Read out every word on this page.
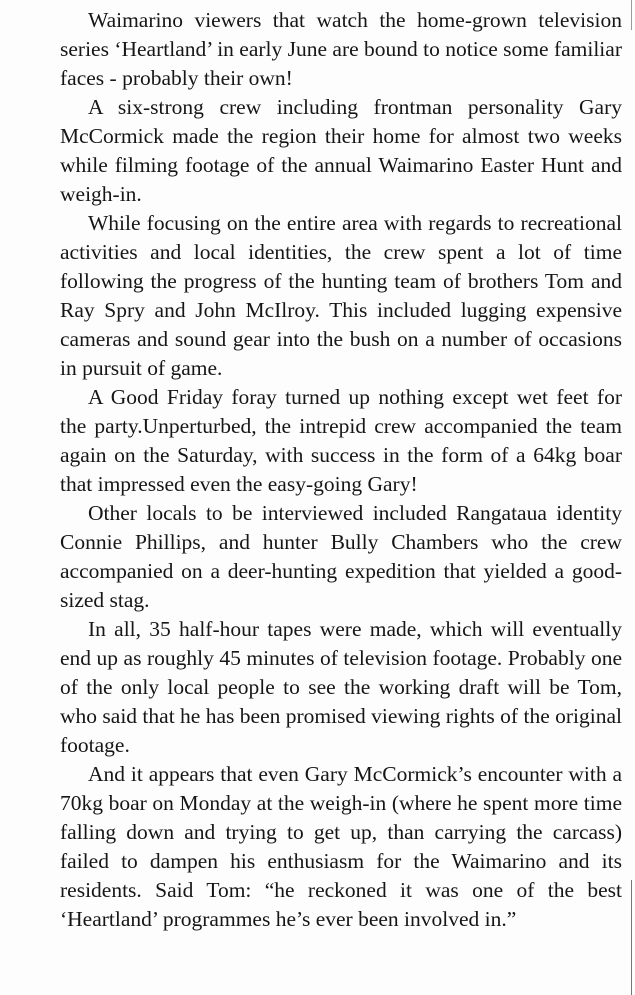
Waimarino viewers that watch the home-grown television series ‘Heartland’ in early June are bound to notice some familiar faces - probably their own!

A six-strong crew including frontman personality Gary McCormick made the region their home for almost two weeks while filming footage of the annual Waimarino Easter Hunt and weigh-in.

While focusing on the entire area with regards to recreational activities and local identities, the crew spent a lot of time following the progress of the hunting team of brothers Tom and Ray Spry and John McIlroy. This included lugging expensive cameras and sound gear into the bush on a number of occasions in pursuit of game.

A Good Friday foray turned up nothing except wet feet for the party.Unperturbed, the intrepid crew accompanied the team again on the Saturday, with success in the form of a 64kg boar that impressed even the easy-going Gary!

Other locals to be interviewed included Rangataua identity Connie Phillips, and hunter Bully Chambers who the crew accompanied on a deer-hunting expedition that yielded a good-sized stag.

In all, 35 half-hour tapes were made, which will eventually end up as roughly 45 minutes of television footage. Probably one of the only local people to see the working draft will be Tom, who said that he has been promised viewing rights of the original footage.

And it appears that even Gary McCormick’s encounter with a 70kg boar on Monday at the weigh-in (where he spent more time falling down and trying to get up, than carrying the carcass) failed to dampen his enthusiasm for the Waimarino and its residents. Said Tom: “he reckoned it was one of the best ‘Heartland’ programmes he’s ever been involved in.”
